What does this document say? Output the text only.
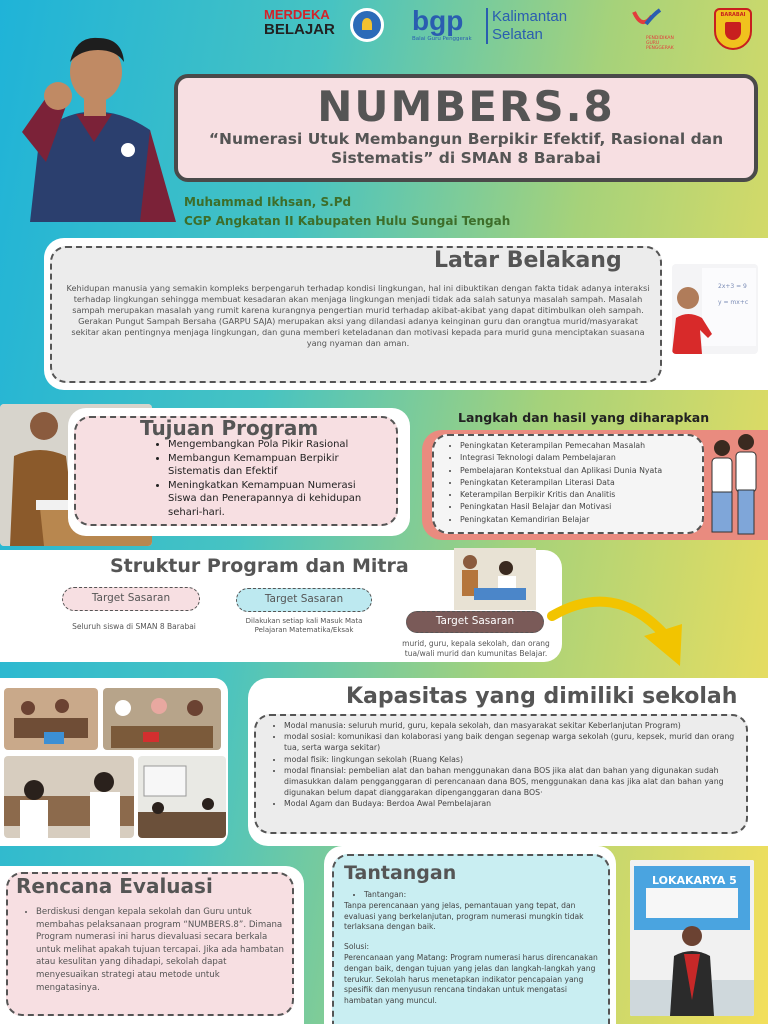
MERDEKA
BELAJAR	bgp
Balai Guru Penggerak
Kalimantan
Selatan	PENDIDIKAN GURU PENGGERAK
BARABAI
NUMBERS.8
“Numerasi Utuk Membangun Berpikir Efektif, Rasional dan Sistematis” di SMAN 8 Barabai
Muhammad Ikhsan, S.Pd
CGP Angkatan II Kabupaten Hulu Sungai Tengah
Latar Belakang

Kehidupan manusia yang semakin kompleks berpengaruh terhadap kondisi lingkungan, hal ini dibuktikan dengan fakta tidak adanya interaksi terhadap lingkungan sehingga membuat kesadaran akan menjaga lingkungan menjadi tidak ada salah satunya masalah sampah. Masalah sampah merupakan masalah yang rumit karena kurangnya pengertian murid terhadap akibat-akibat yang dapat ditimbulkan oleh sampah.

Gerakan Pungut Sampah Bersaha (GARPU SAJA) merupakan aksi yang dilandasi adanya keinginan guru dan orangtua murid/masyarakat sekitar akan pentingnya menjaga lingkungan, dan guna memberi keteladanan dan motivasi kepada para murid guna menciptakan suasana yang nyaman dan aman.

2x+3 = 9
y = mx+c
Tujuan Program
• Mengembangkan Pola Pikir Rasional
• Membangun Kemampuan Berpikir Sistematis dan Efektif
• Meningkatkan Kemampuan Numerasi Siswa dan Penerapannya di kehidupan sehari-hari.
Langkah dan hasil yang diharapkan
• Peningkatan Keterampilan Pemecahan Masalah
• Integrasi Teknologi dalam Pembelajaran
• Pembelajaran Kontekstual dan Aplikasi Dunia Nyata
• Peningkatan Keterampilan Literasi Data
• Keterampilan Berpikir Kritis dan Analitis
• Peningkatan Hasil Belajar dan Motivasi
• Peningkatan Kemandirian Belajar
Struktur Program dan Mitra
Target Sasaran
Seluruh siswa di SMAN 8 Barabai
Target Sasaran
Dilakukan setiap kali Masuk Mata Pelajaran Matematika/Eksak
Target Sasaran
murid, guru, kepala sekolah, dan orang tua/wali murid dan kumunitas Belajar.
Kapasitas yang dimiliki sekolah
• Modal manusia: seluruh murid, guru, kepala sekolah, dan masyarakat sekitar Keberlanjutan Program)
• modal sosial: komunikasi dan kolaborasi yang baik dengan segenap warga sekolah (guru, kepsek, murid dan orang tua, serta warga sekitar)
• modal fisik: lingkungan sekolah (Ruang Kelas)
• modal finansial: pembelian alat dan bahan menggunakan dana BOS jika alat dan bahan yang digunakan sudah dimasukkan dalam pengganggaran di perencanaan dana BOS, menggunakan dana kas jika alat dan bahan yang digunakan belum dapat dianggarakan dipenganggaran dana BOS·
• Modal Agam dan Budaya: Berdoa Awal Pembelajaran
Rencana Evaluasi
• Berdiskusi dengan kepala sekolah dan Guru untuk membahas pelaksanaan program “NUMBERS.8”. Dimana Program numerasi ini harus dievaluasi secara berkala untuk melihat apakah tujuan tercapai. Jika ada hambatan atau kesulitan yang dihadapi, sekolah dapat menyesuaikan strategi atau metode untuk mengatasinya.
Tantangan
• Tantangan:

Tanpa perencanaan yang jelas, pemantauan yang tepat, dan evaluasi yang berkelanjutan, program numerasi mungkin tidak terlaksana dengan baik.

Solusi:

Perencanaan yang Matang: Program numerasi harus direncanakan dengan baik, dengan tujuan yang jelas dan langkah-langkah yang terukur. Sekolah harus menetapkan indikator pencapaian yang spesifik dan menyusun rencana tindakan untuk mengatasi hambatan yang muncul.

LOKAKARYA 5
